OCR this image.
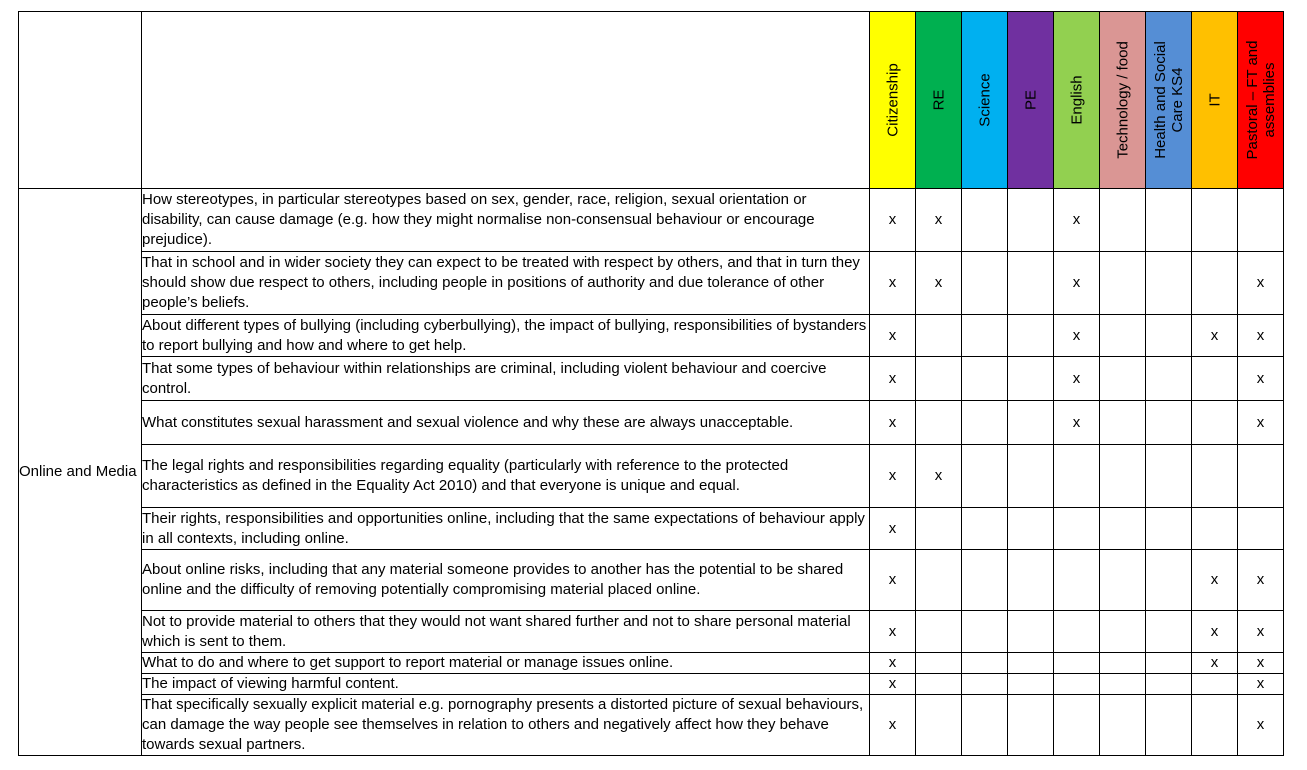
		Citizenship	RE	Science	PE	English	Technology / food	Health and Social Care KS4	IT	Pastoral – FT and assemblies

Online and Media	How stereotypes, in particular stereotypes based on sex, gender, race, religion, sexual orientation or disability, can cause damage (e.g. how they might normalise non-consensual behaviour or encourage prejudice).	x	x			x				
	That in school and in wider society they can expect to be treated with respect by others, and that in turn they should show due respect to others, including people in positions of authority and due tolerance of other people’s beliefs.	x	x			x				x
	About different types of bullying (including cyberbullying), the impact of bullying, responsibilities of bystanders to report bullying and how and where to get help.	x				x			x	x
	That some types of behaviour within relationships are criminal, including violent behaviour and coercive control.	x				x				x
	What constitutes sexual harassment and sexual violence and why these are always unacceptable.	x				x				x
	The legal rights and responsibilities regarding equality (particularly with reference to the protected characteristics as defined in the Equality Act 2010) and that everyone is unique and equal.	x	x							
	Their rights, responsibilities and opportunities online, including that the same expectations of behaviour apply in all contexts, including online.	x								
	About online risks, including that any material someone provides to another has the potential to be shared online and the difficulty of removing potentially compromising material placed online.	x							x	x
	Not to provide material to others that they would not want shared further and not to share personal material which is sent to them.	x							x	x
	What to do and where to get support to report material or manage issues online.	x							x	x
	The impact of viewing harmful content.	x								x
	That specifically sexually explicit material e.g. pornography presents a distorted picture of sexual behaviours, can damage the way people see themselves in relation to others and negatively affect how they behave towards sexual partners.	x								x
